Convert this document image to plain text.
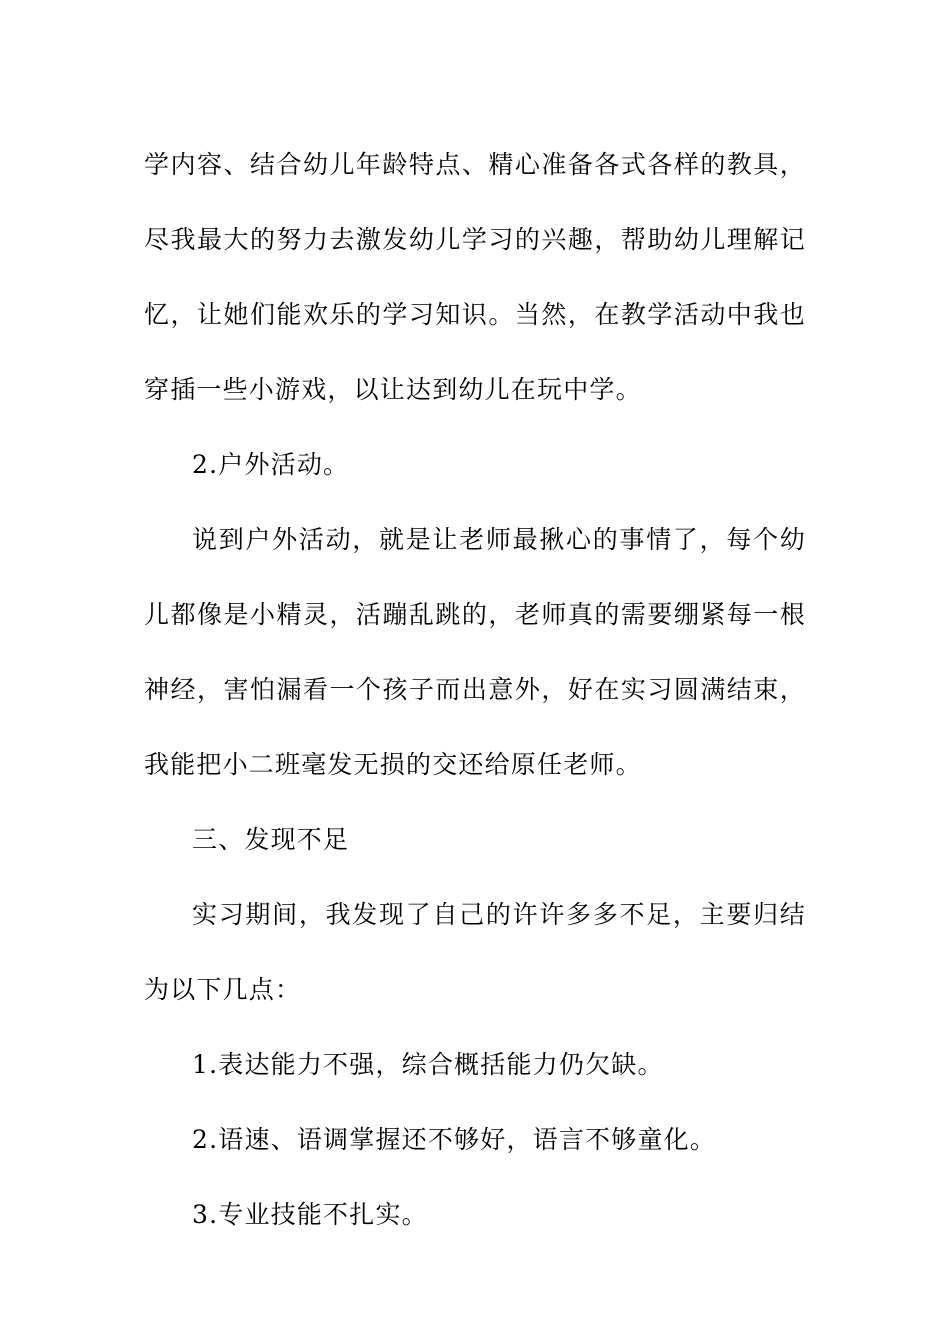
学内容、结合幼儿年龄特点、精心准备各式各样的教具，尽我最大的努力去激发幼儿学习的兴趣，帮助幼儿理解记忆，让她们能欢乐的学习知识。当然，在教学活动中我也穿插一些小游戏，以让达到幼儿在玩中学。

2.户外活动。

说到户外活动，就是让老师最揪心的事情了，每个幼儿都像是小精灵，活蹦乱跳的，老师真的需要绷紧每一根神经，害怕漏看一个孩子而出意外，好在实习圆满结束，我能把小二班毫发无损的交还给原任老师。

三、发现不足

实习期间，我发现了自己的许许多多不足，主要归结为以下几点：

1.表达能力不强，综合概括能力仍欠缺。

2.语速、语调掌握还不够好，语言不够童化。

3.专业技能不扎实。
